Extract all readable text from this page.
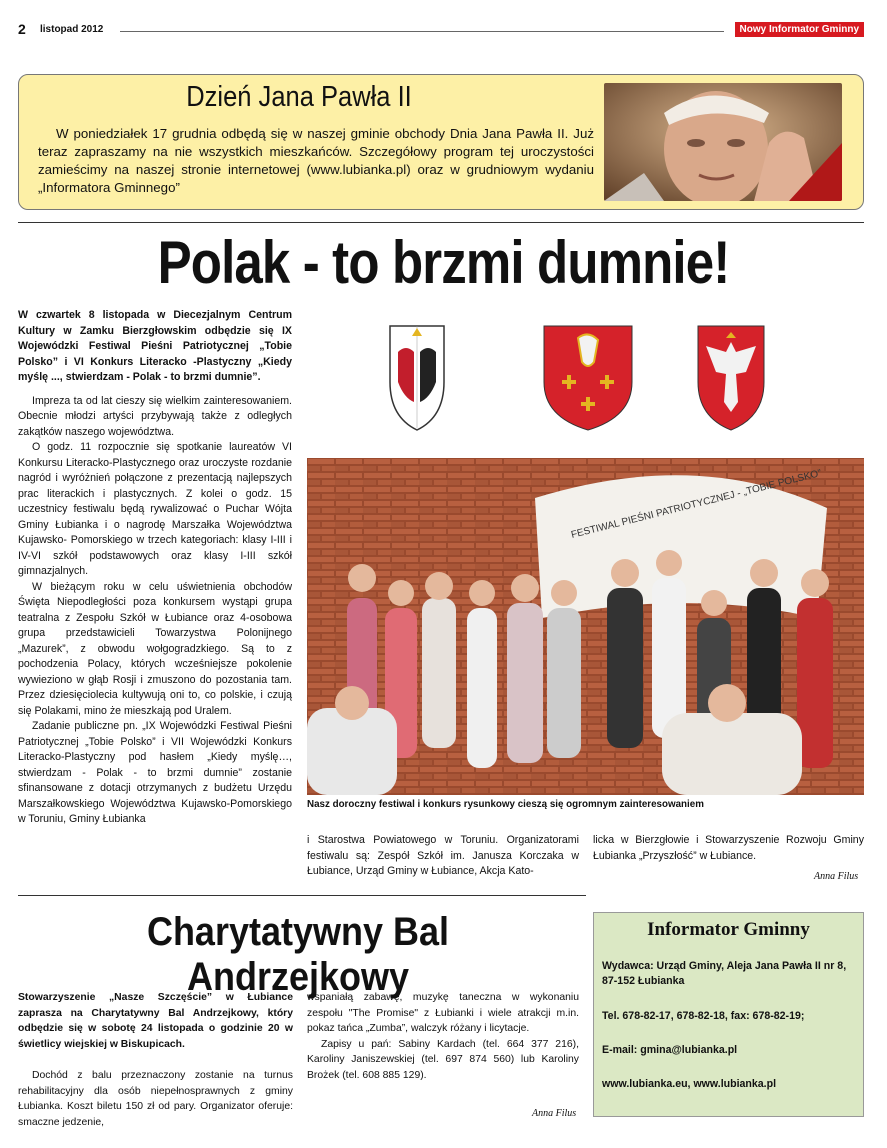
2 listopad 2012	Nowy Informator Gminny
Dzień Jana Pawła II

W poniedziałek 17 grudnia odbędą się w naszej gminie obchody Dnia Jana Pawła II. Już teraz zapraszamy na nie wszystkich mieszkańców. Szczegółowy program tej uroczystości zamieścimy na naszej stronie internetowej (www.lubianka.pl) oraz w grudniowym wydaniu „Informatora Gminnego”

Polak - to brzmi dumnie!

W czwartek 8 listopada w Diecezjalnym Centrum Kultury w Zamku Bierzgłowskim odbędzie się IX Wojewódzki Festiwal Pieśni Patriotycznej „Tobie Polsko” i VI Konkurs Literacko -Plastyczny „Kiedy myślę ..., stwierdzam - Polak - to brzmi dumnie”.

Impreza ta od lat cieszy się wielkim zainteresowaniem. Obecnie młodzi artyści przybywają także z odległych zakątków naszego województwa.

O godz. 11 rozpocznie się spotkanie laureatów VI Konkursu Literacko-Plastycznego oraz uroczyste rozdanie nagród i wyróżnień połączone z prezentacją najlepszych prac literackich i plastycznych. Z kolei o godz. 15 uczestnicy festiwalu będą rywalizować o Puchar Wójta Gminy Łubianka i o nagrodę Marszałka Województwa Kujawsko- Pomorskiego w trzech kategoriach: klasy I-III i IV-VI szkół podstawowych oraz klasy I-III szkół gimnazjalnych.

W bieżącym roku w celu uświetnienia obchodów Święta Niepodległości poza konkursem wystąpi grupa teatralna z Zespołu Szkół w Łubiance oraz 4-osobowa grupa przedstawicieli Towarzystwa Polonijnego „Mazurek”, z obwodu wołgogradzkiego. Są to z pochodzenia Polacy, których wcześniejsze pokolenie wywieziono w głąb Rosji i zmuszono do pozostania tam. Przez dziesięciolecia kultywują oni to, co polskie, i czują się Polakami, mino że mieszkają pod Uralem.

Zadanie publiczne pn. „IX Wojewódzki Festiwal Pieśni Patriotycznej „Tobie Polsko” i VII Wojewódzki Konkurs Literacko-Plastyczny pod hasłem „Kiedy myślę…, stwierdzam - Polak - to brzmi dumnie” zostanie sfinansowane z dotacji otrzymanych z budżetu Urzędu Marszałkowskiego Województwa Kujawsko-Pomorskiego w Toruniu, Gminy Łubianka

FESTIWAL PIEŚNI PATRIOTYCZNEJ - „TOBIE POLSKO”

Nasz doroczny festiwal i konkurs rysunkowy cieszą się ogromnym zainteresowaniem

i Starostwa Powiatowego w Toruniu. Organizatorami festiwalu są: Zespół Szkół im. Janusza Korczaka w Łubiance, Urząd Gminy w Łubiance, Akcja Kato-

licka w Bierzgłowie i Stowarzyszenie Rozwoju Gminy Łubianka „Przyszłość” w Łubiance.

Anna Filus
Charytatywny Bal Andrzejkowy

Stowarzyszenie „Nasze Szczęście” w Łubiance zaprasza na Charytatywny Bal Andrzejkowy, który odbędzie się w sobotę 24 listopada o godzinie 20 w świetlicy wiejskiej w Biskupicach.

Dochód z balu przeznaczony zostanie na turnus rehabilitacyjny dla osób niepełnosprawnych z gminy Łubianka. Koszt biletu 150 zł od pary. Organizator oferuje: smaczne jedzenie,

wspaniałą zabawę, muzykę taneczna w wykonaniu zespołu "The Promise" z Łubianki i wiele atrakcji m.in. pokaz tańca „Zumba”, walczyk różany i licytacje.

Zapisy u pań: Sabiny Kardach (tel. 664 377 216), Karoliny Janiszewskiej (tel. 697 874 560) lub Karoliny Brożek (tel. 608 885 129).

Anna Filus
Informator Gminny

Wydawca: Urząd Gminy, Aleja Jana Pawła II nr 8, 87-152 Łubianka

Tel. 678-82-17, 678-82-18, fax: 678-82-19;

E-mail: gmina@lubianka.pl

www.lubianka.eu, www.lubianka.pl
